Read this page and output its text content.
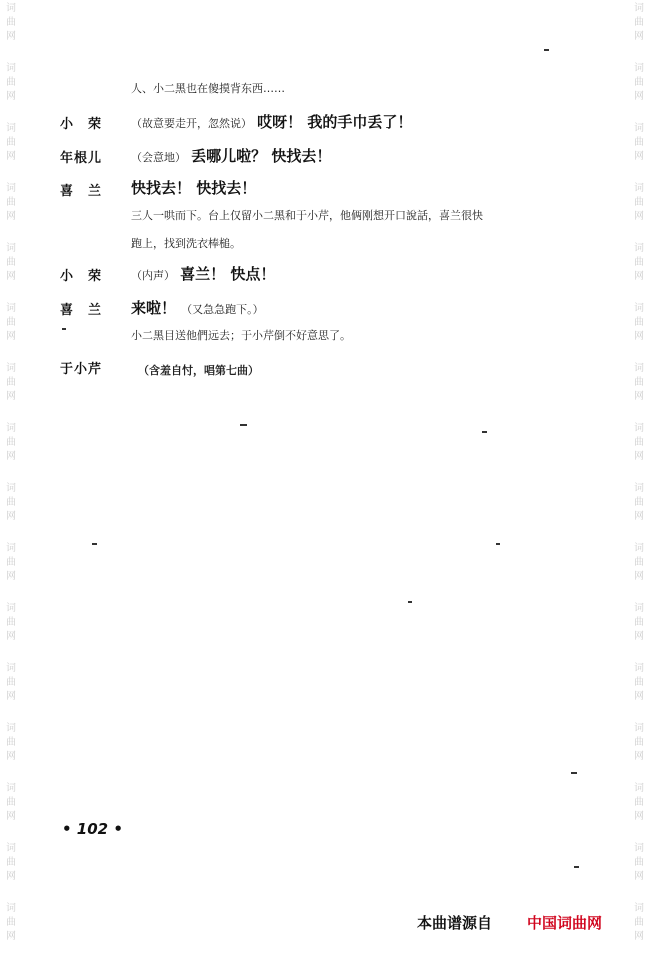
词
曲
网
词
曲
网
词
曲
网
词
曲
网
词
曲
网
词
曲
网
词
曲
网
词
曲
网
词
曲
网
词
曲
网
词
曲
网
词
曲
网
词
曲
网
词
曲
网
词
曲
网
词
曲
网
词
曲
网
词
曲
网
词
曲
网
词
曲
网
词
曲
网
词
曲
网
词
曲
网
词
曲
网
词
曲
网
词
曲
网
词
曲
网
词
曲
网
词
曲
网
词
曲
网
词
曲
网
词
曲
网
人、小二黑也在傻摸背东西……
小　荣	（故意要走开，忽然说） 哎呀！ 我的手巾丢了！
年根儿	（会意地） 丢哪儿啦？ 快找去！
喜　兰 快找去！ 快找去！
三人一哄而下。台上仅留小二黑和于小芹，他俩刚想开口說話，喜兰很快
跑上，找到洗衣棒槌。
小　荣	（内声） 喜兰！ 快点！
喜　兰 来啦！ （又急急跑下。）
小二黑目送他們远去；于小芹倒不好意思了。
于小芹	（含羞自忖，唱第七曲）
• 102 •
本曲谱源自 中国词曲网
